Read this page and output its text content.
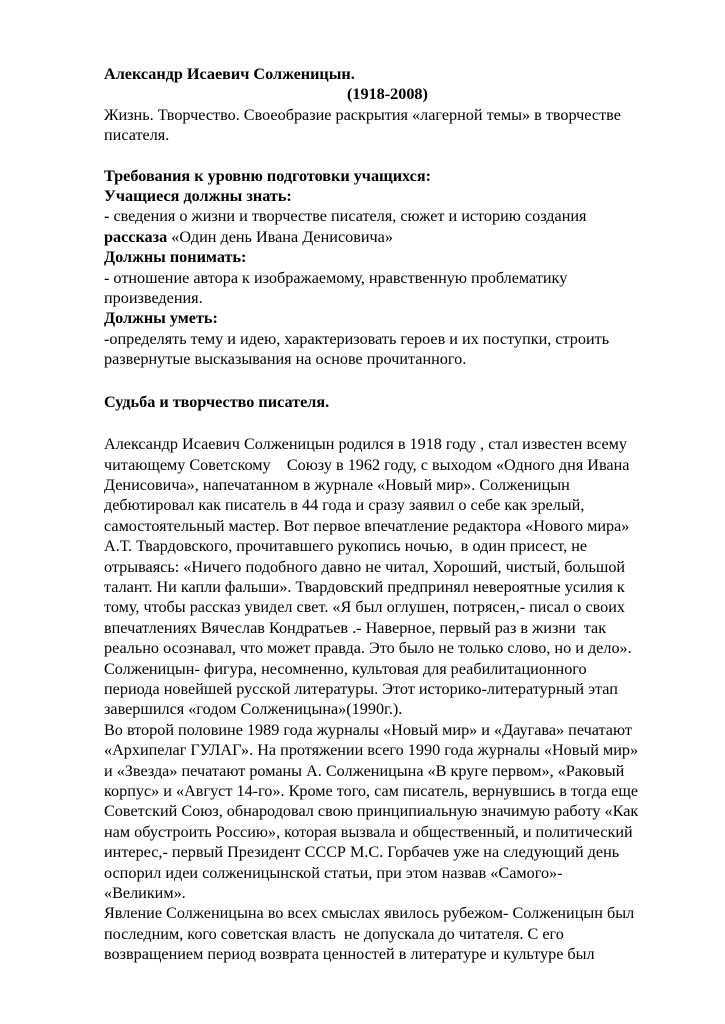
Александр Исаевич Солженицын.
(1918-2008)
Жизнь. Творчество. Своеобразие раскрытия «лагерной темы» в творчестве
писателя.
Требования к уровню подготовки учащихся:
Учащиеся должны знать:
- сведения о жизни и творчестве писателя, сюжет и историю создания
рассказа «Один день Ивана Денисовича»
Должны понимать:
- отношение автора к изображаемому, нравственную проблематику
произведения.
Должны уметь:
-определять тему и идею, характеризовать героев и их поступки, строить
развернутые высказывания на основе прочитанного.
Судьба и творчество писателя.
Александр Исаевич Солженицын родился в 1918 году , стал известен всему
читающему Советскому    Союзу в 1962 году, с выходом «Одного дня Ивана
Денисовича», напечатанном в журнале «Новый мир». Солженицын
дебютировал как писатель в 44 года и сразу заявил о себе как зрелый,
самостоятельный мастер. Вот первое впечатление редактора «Нового мира»
А.Т. Твардовского, прочитавшего рукопись ночью,  в один присест, не
отрываясь: «Ничего подобного давно не читал, Хороший, чистый, большой
талант. Ни капли фальши». Твардовский предпринял невероятные усилия к
тому, чтобы рассказ увидел свет. «Я был оглушен, потрясен,- писал о своих
впечатлениях Вячеслав Кондратьев .- Наверное, первый раз в жизни  так
реально осознавал, что может правда. Это было не только слово, но и дело».
Солженицын- фигура, несомненно, культовая для реабилитационного
периода новейшей русской литературы. Этот историко-литературный этап
завершился «годом Солженицына»(1990г.).
Во второй половине 1989 года журналы «Новый мир» и «Даугава» печатают
«Архипелаг ГУЛАГ». На протяжении всего 1990 года журналы «Новый мир»
и «Звезда» печатают романы А. Солженицына «В круге первом», «Раковый
корпус» и «Август 14-го». Кроме того, сам писатель, вернувшись в тогда еще
Советский Союз, обнародовал свою принципиальную значимую работу «Как
нам обустроить Россию», которая вызвала и общественный, и политический
интерес,- первый Президент СССР М.С. Горбачев уже на следующий день
оспорил идеи солженицынской статьи, при этом назвав «Самого»-
«Великим».
Явление Солженицына во всех смыслах явилось рубежом- Солженицын был
последним, кого советская власть  не допускала до читателя. С его
возвращением период возврата ценностей в литературе и культуре был
